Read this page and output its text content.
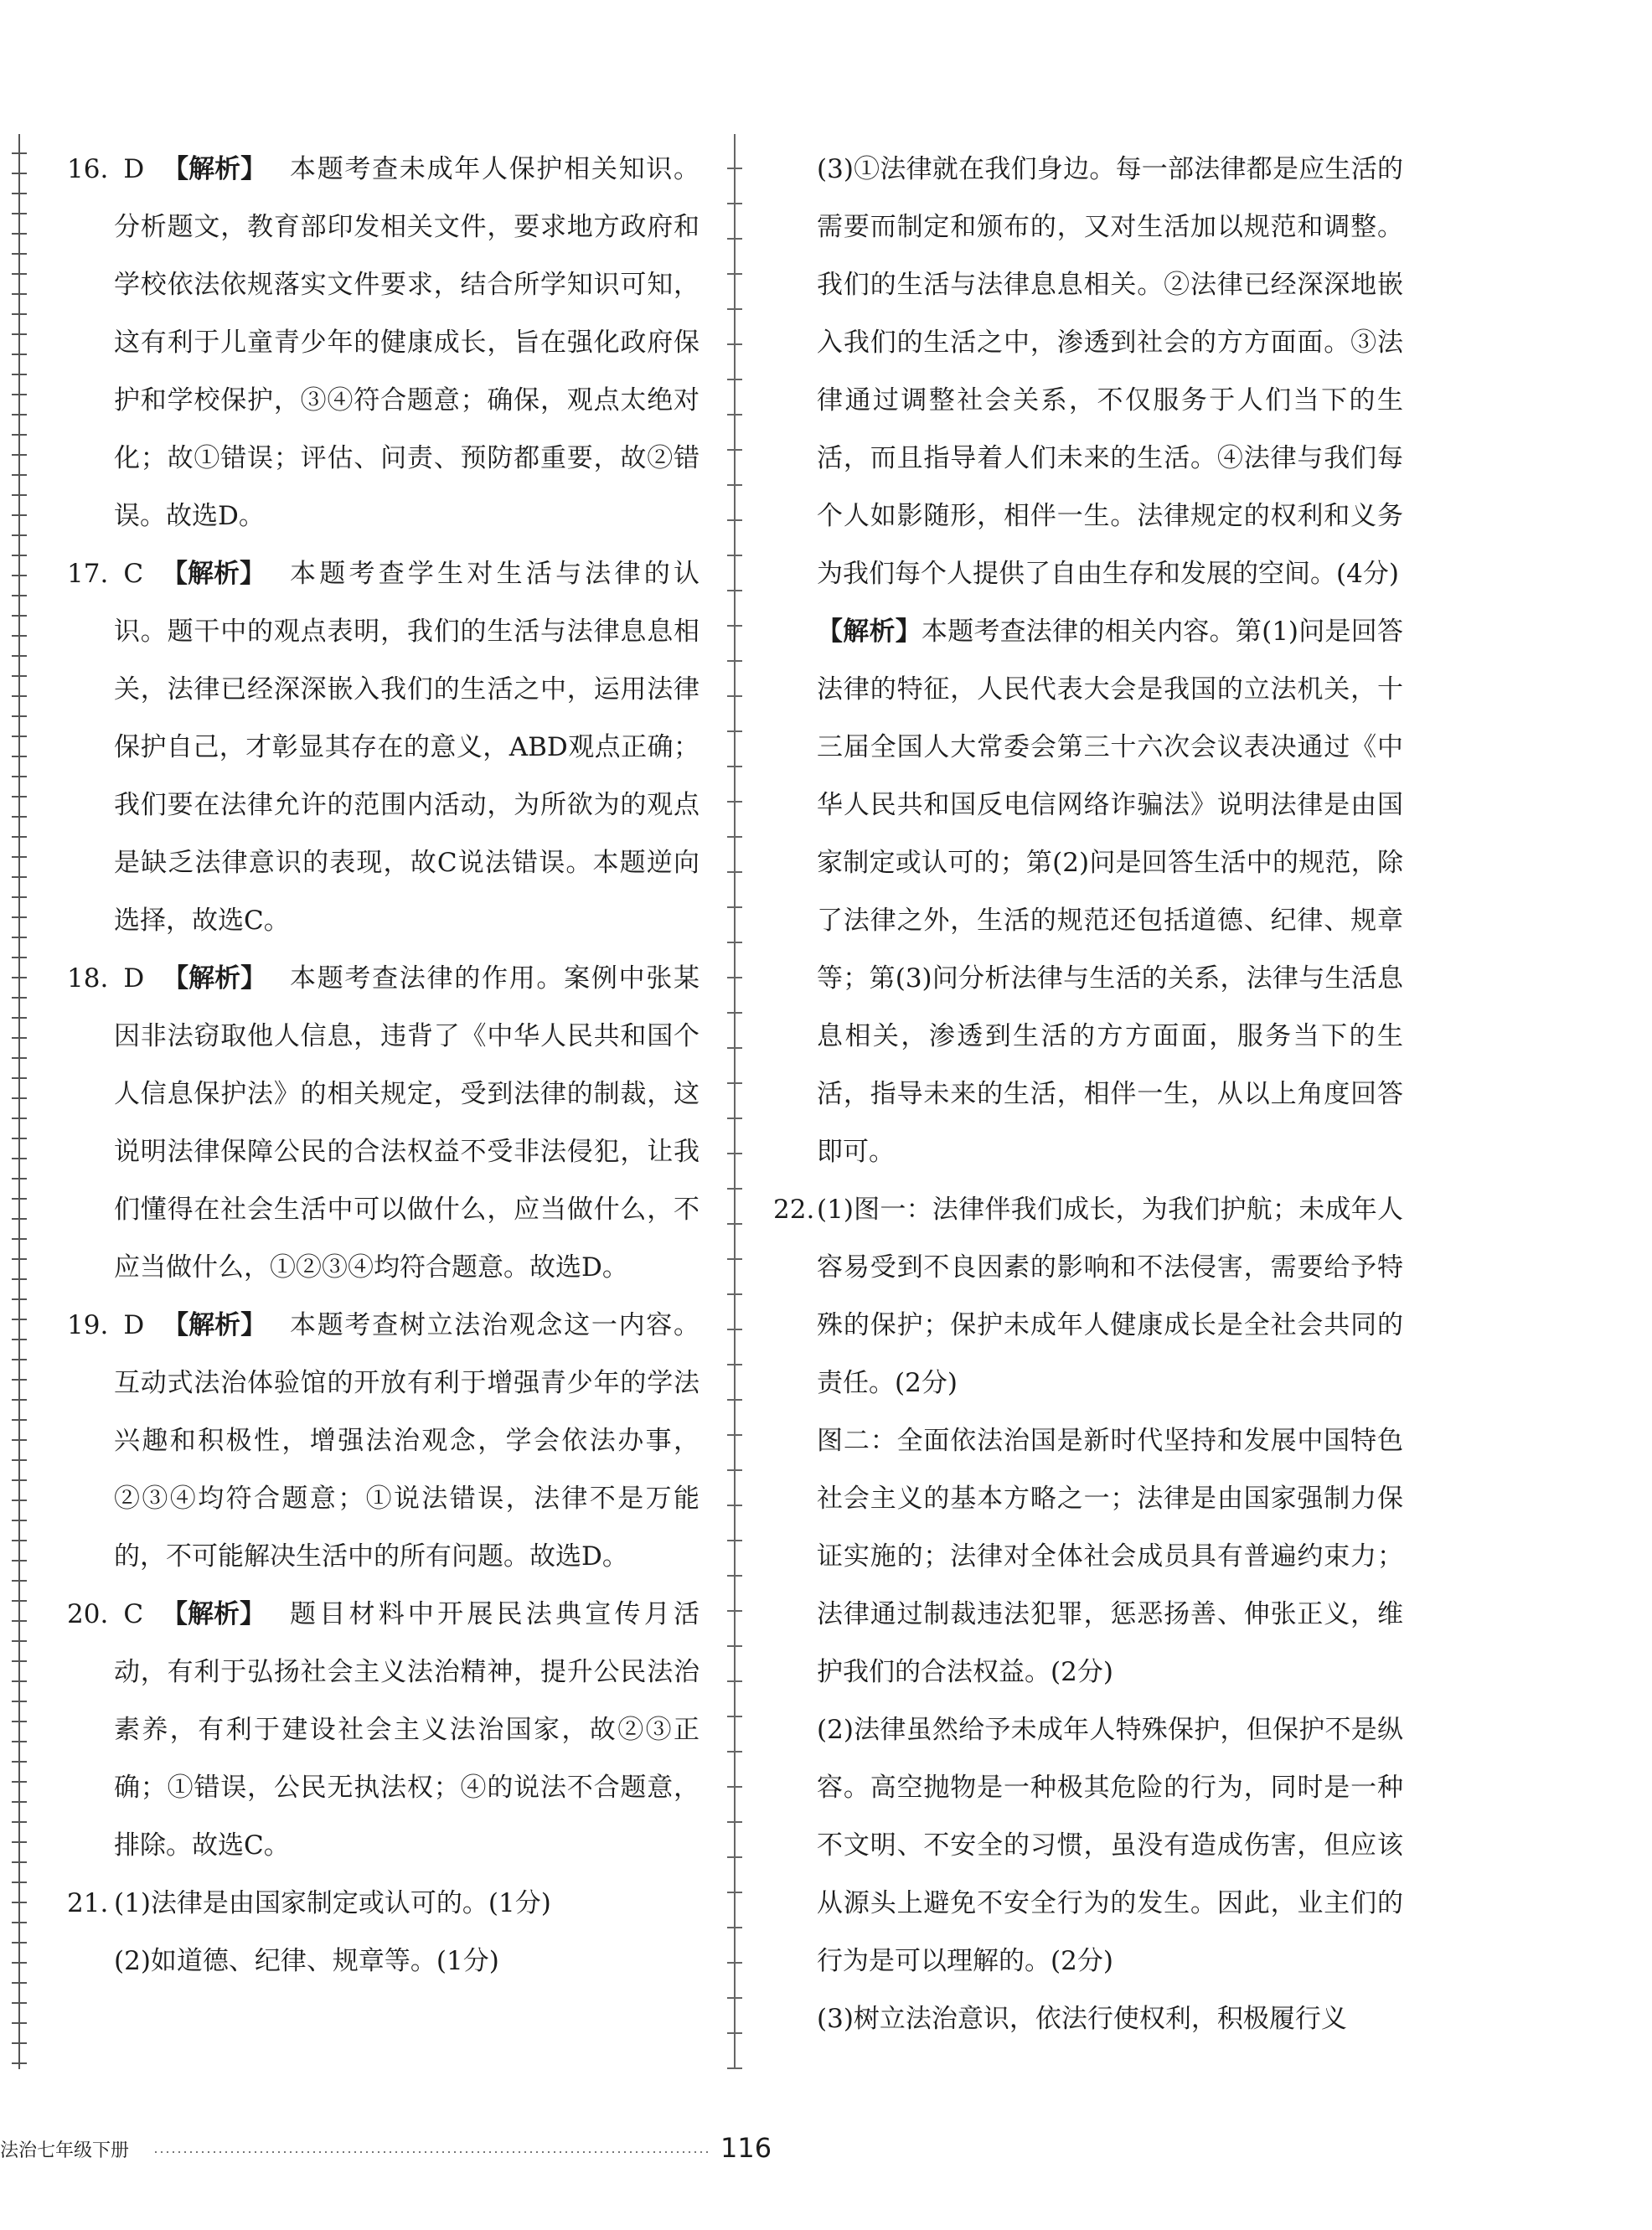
16. D 【解析】 本题考查未成年人保护相关知识。分析题文，教育部印发相关文件，要求地方政府和学校依法依规落实文件要求，结合所学知识可知，这有利于儿童青少年的健康成长，旨在强化政府保护和学校保护，③④符合题意；确保，观点太绝对化；故①错误；评估、问责、预防都重要，故②错误。故选D。
17. C 【解析】 本题考查学生对生活与法律的认识。题干中的观点表明，我们的生活与法律息息相关，法律已经深深嵌入我们的生活之中，运用法律保护自己，才彰显其存在的意义，ABD观点正确；我们要在法律允许的范围内活动，为所欲为的观点是缺乏法律意识的表现，故C说法错误。本题逆向选择，故选C。
18. D 【解析】 本题考查法律的作用。案例中张某因非法窃取他人信息，违背了《中华人民共和国个人信息保护法》的相关规定，受到法律的制裁，这说明法律保障公民的合法权益不受非法侵犯，让我们懂得在社会生活中可以做什么，应当做什么，不应当做什么，①②③④均符合题意。故选D。
19. D 【解析】 本题考查树立法治观念这一内容。互动式法治体验馆的开放有利于增强青少年的学法兴趣和积极性，增强法治观念，学会依法办事，②③④均符合题意；①说法错误，法律不是万能的，不可能解决生活中的所有问题。故选D。
20. C 【解析】 题目材料中开展民法典宣传月活动，有利于弘扬社会主义法治精神，提升公民法治素养，有利于建设社会主义法治国家，故②③正确；①错误，公民无执法权；④的说法不合题意，排除。故选C。
21. (1)法律是由国家制定或认可的。(1分)
(2)如道德、纪律、规章等。(1分)
(3)①法律就在我们身边。每一部法律都是应生活的需要而制定和颁布的，又对生活加以规范和调整。我们的生活与法律息息相关。②法律已经深深地嵌入我们的生活之中，渗透到社会的方方面面。③法律通过调整社会关系，不仅服务于人们当下的生活，而且指导着人们未来的生活。④法律与我们每个人如影随形，相伴一生。法律规定的权利和义务为我们每个人提供了自由生存和发展的空间。(4分)
【解析】本题考查法律的相关内容。第(1)问是回答法律的特征，人民代表大会是我国的立法机关，十三届全国人大常委会第三十六次会议表决通过《中华人民共和国反电信网络诈骗法》说明法律是由国家制定或认可的；第(2)问是回答生活中的规范，除了法律之外，生活的规范还包括道德、纪律、规章等；第(3)问分析法律与生活的关系，法律与生活息息相关，渗透到生活的方方面面，服务当下的生活，指导未来的生活，相伴一生，从以上角度回答即可。
22. (1)图一：法律伴我们成长，为我们护航；未成年人容易受到不良因素的影响和不法侵害，需要给予特殊的保护；保护未成年人健康成长是全社会共同的责任。(2分)
图二：全面依法治国是新时代坚持和发展中国特色社会主义的基本方略之一；法律是由国家强制力保证实施的；法律对全体社会成员具有普遍约束力；法律通过制裁违法犯罪，惩恶扬善、伸张正义，维护我们的合法权益。(2分)
(2)法律虽然给予未成年人特殊保护，但保护不是纵容。高空抛物是一种极其危险的行为，同时是一种不文明、不安全的习惯，虽没有造成伤害，但应该从源头上避免不安全行为的发生。因此，业主们的行为是可以理解的。(2分)
(3)树立法治意识，依法行使权利，积极履行义
法治七年级下册	116
